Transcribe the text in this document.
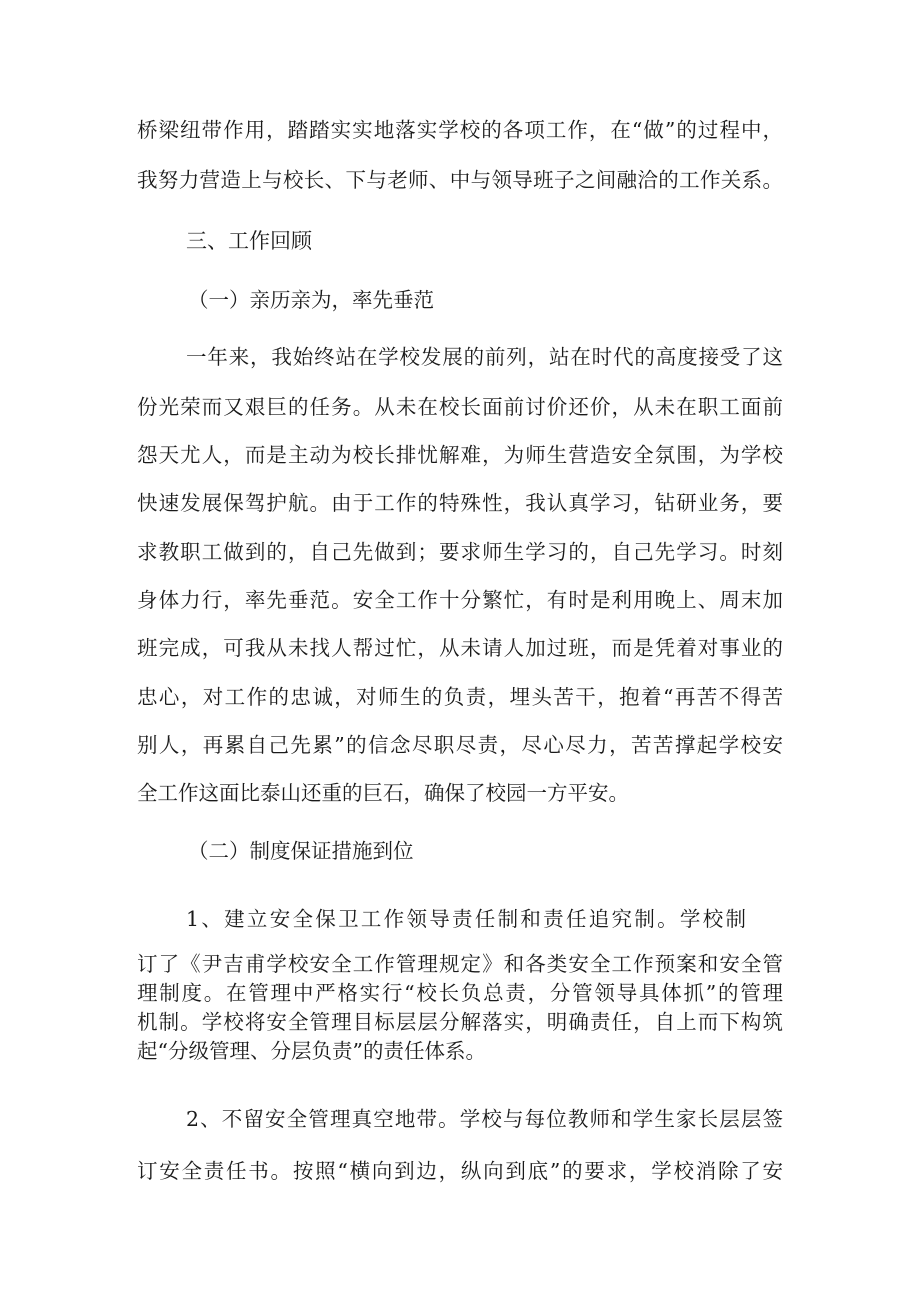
桥梁纽带作用，踏踏实实地落实学校的各项工作，在“做”的过程中，
我努力营造上与校长、下与老师、中与领导班子之间融洽的工作关系。
三、工作回顾
（一）亲历亲为，率先垂范
一年来，我始终站在学校发展的前列，站在时代的高度接受了这
份光荣而又艰巨的任务。从未在校长面前讨价还价，从未在职工面前
怨天尤人，而是主动为校长排忧解难，为师生营造安全氛围，为学校
快速发展保驾护航。由于工作的特殊性，我认真学习，钻研业务，要
求教职工做到的，自己先做到；要求师生学习的，自己先学习。时刻
身体力行，率先垂范。安全工作十分繁忙，有时是利用晚上、周末加
班完成，可我从未找人帮过忙，从未请人加过班，而是凭着对事业的
忠心，对工作的忠诚，对师生的负责，埋头苦干，抱着“再苦不得苦
别人，再累自己先累”的信念尽职尽责，尽心尽力，苦苦撑起学校安
全工作这面比泰山还重的巨石，确保了校园一方平安。
（二）制度保证措施到位
1、建立安全保卫工作领导责任制和责任追究制。学校制
订了《尹吉甫学校安全工作管理规定》和各类安全工作预案和安全管
理制度。在管理中严格实行“校长负总责，分管领导具体抓”的管理
机制。学校将安全管理目标层层分解落实，明确责任，自上而下构筑
起“分级管理、分层负责”的责任体系。
2、不留安全管理真空地带。学校与每位教师和学生家长层层签
订安全责任书。按照“横向到边，纵向到底”的要求，学校消除了安
